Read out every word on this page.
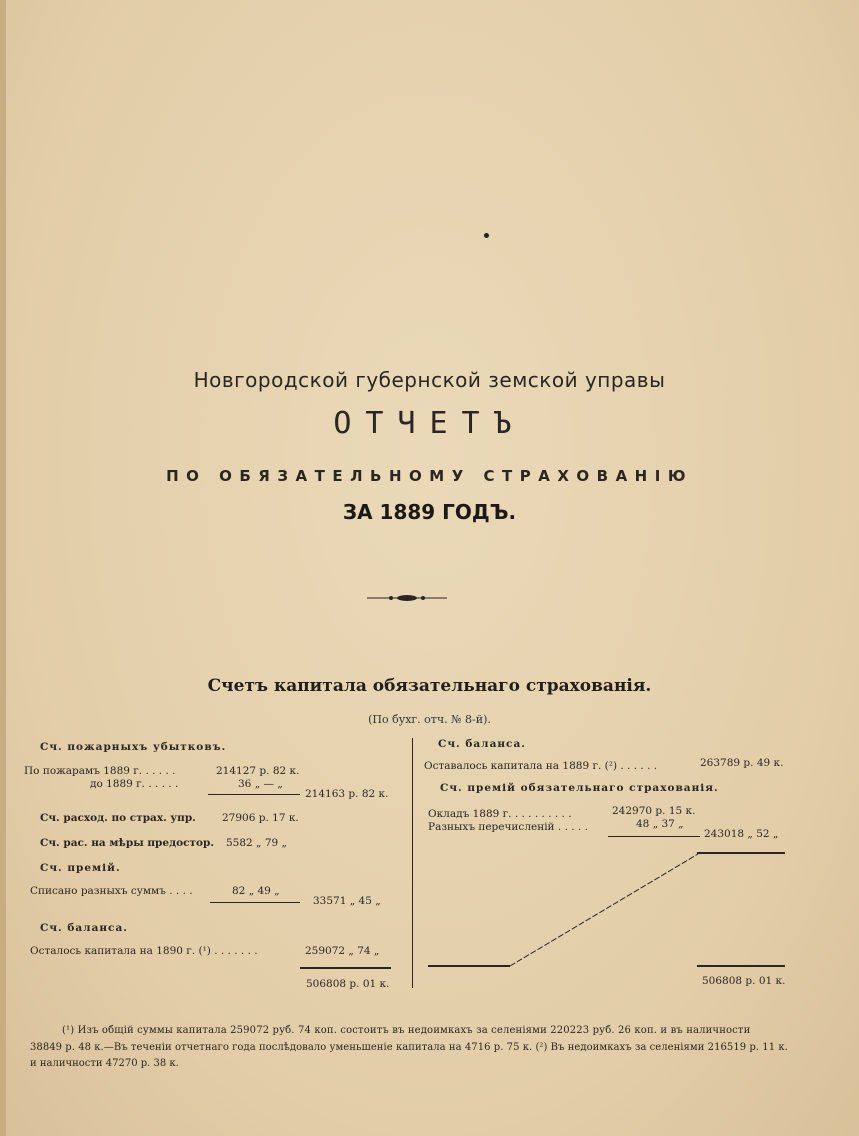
Новгородской губернской земской управы
ОТЧЕТЪ
ПО ОБЯЗАТЕЛЬНОМУ СТРАХОВАНІЮ
ЗА 1889 ГОДЪ.
Счетъ капитала обязательнаго страхованія.
(По бухг. отч. № 8-й).
Сч. пожарныхъ убытковъ.
По пожарамъ 1889 г. . . . . .	214127 р. 82 к.
до 1889 г. . . . . .	36 „ — „
214163 р. 82 к.
Сч. расход. по страх. упр. 27906 р. 17 к.
Сч. рас. на мѣры предостор. 5582 „ 79 „
Сч. премій.
Списано разныхъ суммъ . . . .	82 „ 49 „
33571 „ 45 „
Сч. баланса.
Осталось капитала на 1890 г. (¹) . . . . . . .	259072 „ 74 „
506808 р. 01 к.
Сч. баланса.
Оставалось капитала на 1889 г. (²) . . . . . .	263789 р. 49 к.
Сч. премій обязательнаго страхованія.
Окладъ 1889 г. . . . . . . . . .	242970 р. 15 к.
Разныхъ перечисленій . . . . .	48 „ 37 „
243018 „ 52 „
506808 р. 01 к.
(¹) Изъ общій суммы капитала 259072 руб. 74 коп. состоитъ въ недоимкахъ за селеніями 220223 руб. 26 коп. и въ наличности
38849 р. 48 к.—Въ теченіи отчетнаго года послѣдовало уменьшеніе капитала на 4716 р. 75 к. (²) Въ недоимкахъ за селеніями 216519 р. 11 к.
и наличности 47270 р. 38 к.
